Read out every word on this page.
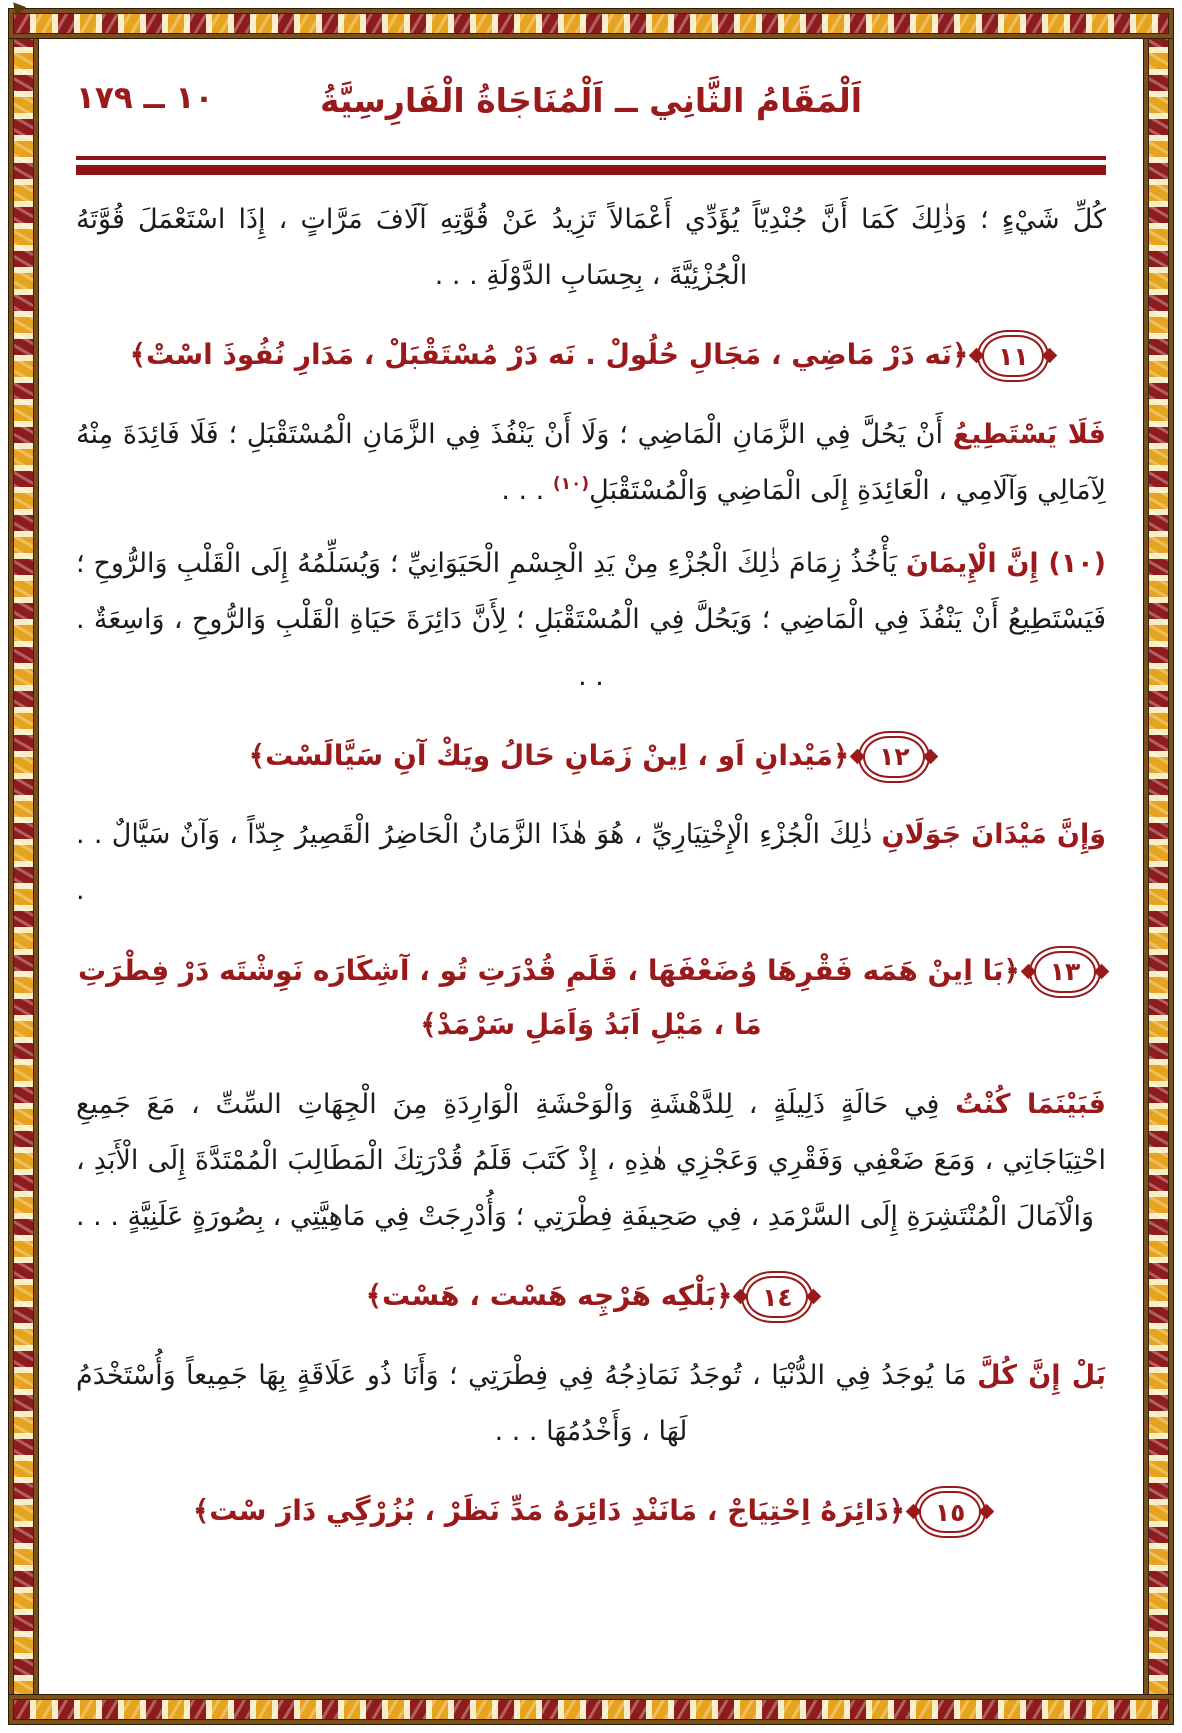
١٠ ــ ١٧٩	اَلْمَقَامُ الثَّانِي ــ اَلْمُنَاجَاةُ الْفَارِسِيَّةُ

كُلِّ شَيْءٍ ؛ وَذٰلِكَ كَمَا أَنَّ جُنْدِيّاً يُؤَدِّي أَعْمَالاً تَزِيدُ عَنْ قُوَّتِهِ آلَافَ مَرَّاتٍ ، إِذَا اسْتَعْمَلَ قُوَّتَهُ الْجُزْئِيَّةَ ، بِحِسَابِ الدَّوْلَةِ . . .

١١
﴿نَه دَرْ مَاضِي ، مَجَالِ حُلُولْ . نَه دَرْ مُسْتَقْبَلْ ، مَدَارِ نُفُوذَ اسْتْ﴾

فَلَا يَسْتَطِيعُ أَنْ يَحُلَّ فِي الزَّمَانِ الْمَاضِي ؛ وَلَا أَنْ يَنْفُذَ فِي الزَّمَانِ الْمُسْتَقْبَلِ ؛ فَلَا فَائِدَةَ مِنْهُ لِآمَالِي وَآلَامِي ، الْعَائِدَةِ إِلَى الْمَاضِي وَالْمُسْتَقْبَلِ$^{(١٠)}$ . . .

(١٠) إِنَّ الْإِيمَانَ يَأْخُذُ زِمَامَ ذٰلِكَ الْجُزْءِ مِنْ يَدِ الْجِسْمِ الْحَيَوَانِيِّ ؛ وَيُسَلِّمُهُ إِلَى الْقَلْبِ وَالرُّوحِ ؛ فَيَسْتَطِيعُ أَنْ يَنْفُذَ فِي الْمَاضِي ؛ وَيَحُلَّ فِي الْمُسْتَقْبَلِ ؛ لِأَنَّ دَائِرَةَ حَيَاةِ الْقَلْبِ وَالرُّوحِ ، وَاسِعَةٌ . . .

١٢
﴿مَيْدانِ اَو ، اِينْ زَمَانِ حَالُ ويَكْ آنِ سَيَّالَسْت﴾

وَإِنَّ مَيْدَانَ جَوَلَانِ ذٰلِكَ الْجُزْءِ الْإِخْتِيَارِيِّ ، هُوَ هٰذَا الزَّمَانُ الْحَاضِرُ الْقَصِيرُ جِدّاً ، وَآنٌ سَيَّالٌ . . .

١٣
﴿بَا اِينْ هَمَه فَقْرِهَا وُضَعْفَهَا ، قَلَمِ قُدْرَتِ تُو ، آشِكَارَه نَوِشْتَه دَرْ فِطْرَتِ مَا ، مَيْلِ اَبَدُ وَاَمَلِ سَرْمَدْ﴾

فَبَيْنَمَا كُنْتُ فِي حَالَةٍ ذَلِيلَةٍ ، لِلدَّهْشَةِ وَالْوَحْشَةِ الْوَارِدَةِ مِنَ الْجِهَاتِ السِّتِّ ، مَعَ جَمِيعِ احْتِيَاجَاتِي ، وَمَعَ ضَعْفِي وَفَقْرِي وَعَجْزِي هٰذِهِ ، إِذْ كَتَبَ قَلَمُ قُدْرَتِكَ الْمَطَالِبَ الْمُمْتَدَّةَ إِلَى الْأَبَدِ ، وَالْآمَالَ الْمُنْتَشِرَةِ إِلَى السَّرْمَدِ ، فِي صَحِيفَةِ فِطْرَتِي ؛ وَأُدْرِجَتْ فِي مَاهِيَّتِي ، بِصُورَةٍ عَلَنِيَّةٍ . . .

١٤
﴿بَلْكِه هَرْچِه هَسْت ، هَسْت﴾

بَلْ إِنَّ كُلَّ مَا يُوجَدُ فِي الدُّنْيَا ، تُوجَدُ نَمَاذِجُهُ فِي فِطْرَتِي ؛ وَأَنَا ذُو عَلَاقَةٍ بِهَا جَمِيعاً وَأُسْتَخْدَمُ لَهَا ، وَأَخْدُمُهَا . . .

١٥
﴿دَائِرَهُ اِحْتِيَاجْ ، مَانَنْدِ دَائِرَهُ مَدِّ نَظَرْ ، بُزُرْگِي دَارَ سْت﴾
